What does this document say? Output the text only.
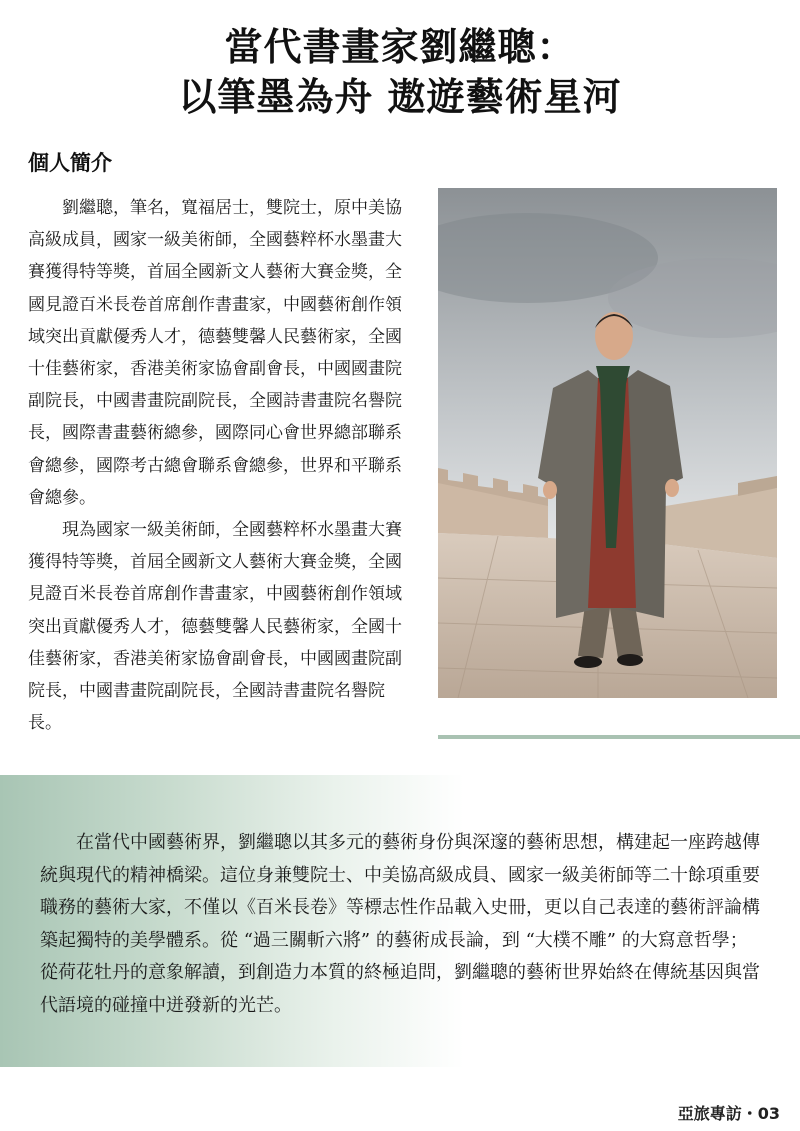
當代書畫家劉繼聰：
以筆墨為舟 遨遊藝術星河
個人簡介

劉繼聰，筆名，寬福居士，雙院士，原中美協高級成員，國家一級美術師，全國藝粹杯水墨畫大賽獲得特等獎，首屆全國新文人藝術大賽金獎，全國見證百米長卷首席創作書畫家，中國藝術創作領域突出貢獻優秀人才，德藝雙馨人民藝術家，全國十佳藝術家，香港美術家協會副會長，中國國畫院副院長，中國書畫院副院長，全國詩書畫院名譽院長，國際書畫藝術總參，國際同心會世界總部聯系會總參，國際考古總會聯系會總參，世界和平聯系會總參。

現為國家一級美術師，全國藝粹杯水墨畫大賽獲得特等獎，首屆全國新文人藝術大賽金獎，全國見證百米長卷首席創作書畫家，中國藝術創作領域突出貢獻優秀人才，德藝雙馨人民藝術家，全國十佳藝術家，香港美術家協會副會長，中國國畫院副院長，中國書畫院副院長，全國詩書畫院名譽院長。

在當代中國藝術界，劉繼聰以其多元的藝術身份與深邃的藝術思想，構建起一座跨越傳統與現代的精神橋梁。這位身兼雙院士、中美協高級成員、國家一級美術師等二十餘項重要職務的藝術大家，不僅以《百米長卷》等標志性作品載入史冊，更以自己表達的藝術評論構築起獨特的美學體系。從 “過三關斬六將” 的藝術成長論，到 “大樸不雕” 的大寫意哲學；從荷花牡丹的意象解讀，到創造力本質的終極追問，劉繼聰的藝術世界始終在傳統基因與當代語境的碰撞中迸發新的光芒。

亞旅專訪・03
